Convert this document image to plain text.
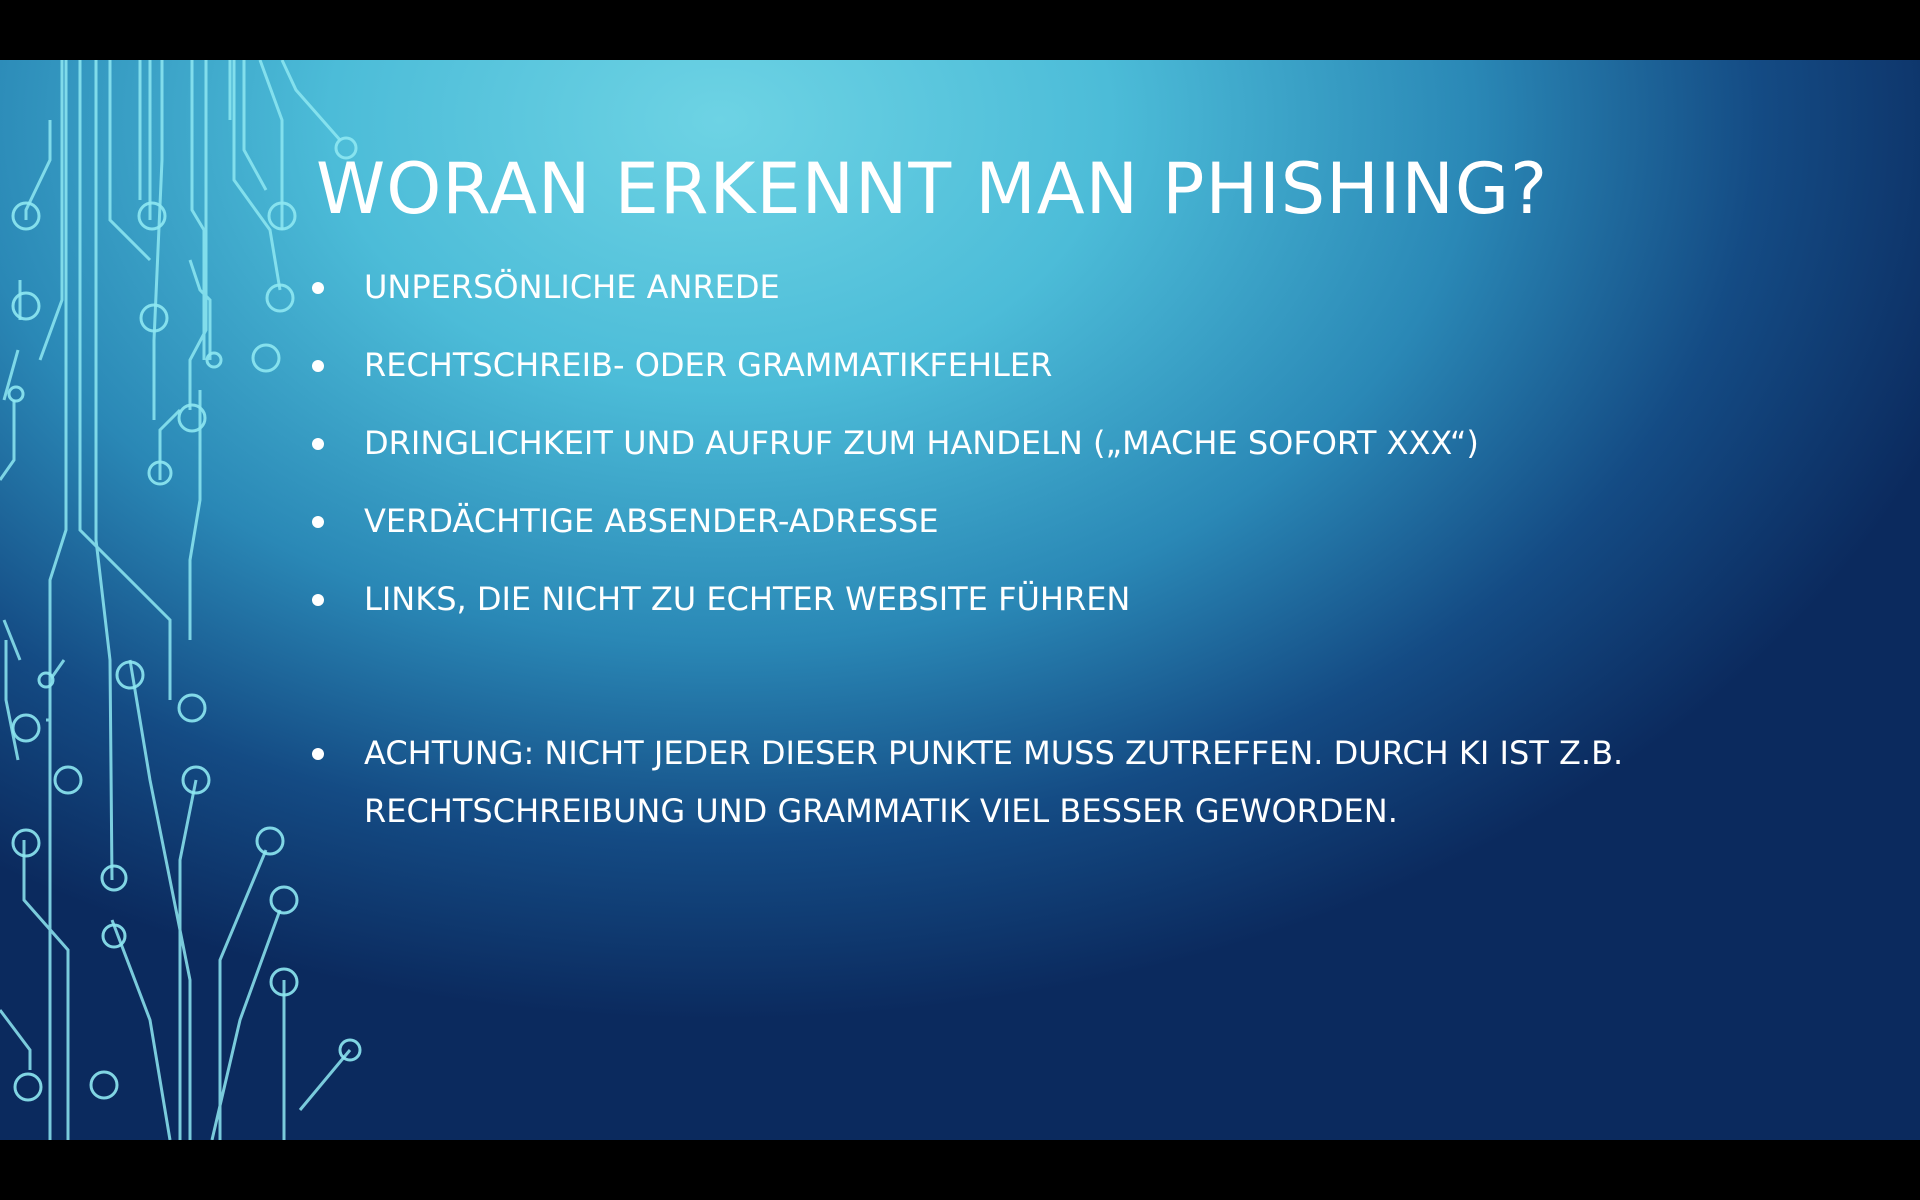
WORAN ERKENNT MAN PHISHING?
UNPERSÖNLICHE ANREDE
RECHTSCHREIB- ODER GRAMMATIKFEHLER
DRINGLICHKEIT UND AUFRUF ZUM HANDELN („MACHE SOFORT XXX“)
VERDÄCHTIGE ABSENDER-ADRESSE
LINKS, DIE NICHT ZU ECHTER WEBSITE FÜHREN
ACHTUNG: NICHT JEDER DIESER PUNKTE MUSS ZUTREFFEN. DURCH KI IST Z.B. RECHTSCHREIBUNG UND GRAMMATIK VIEL BESSER GEWORDEN.
